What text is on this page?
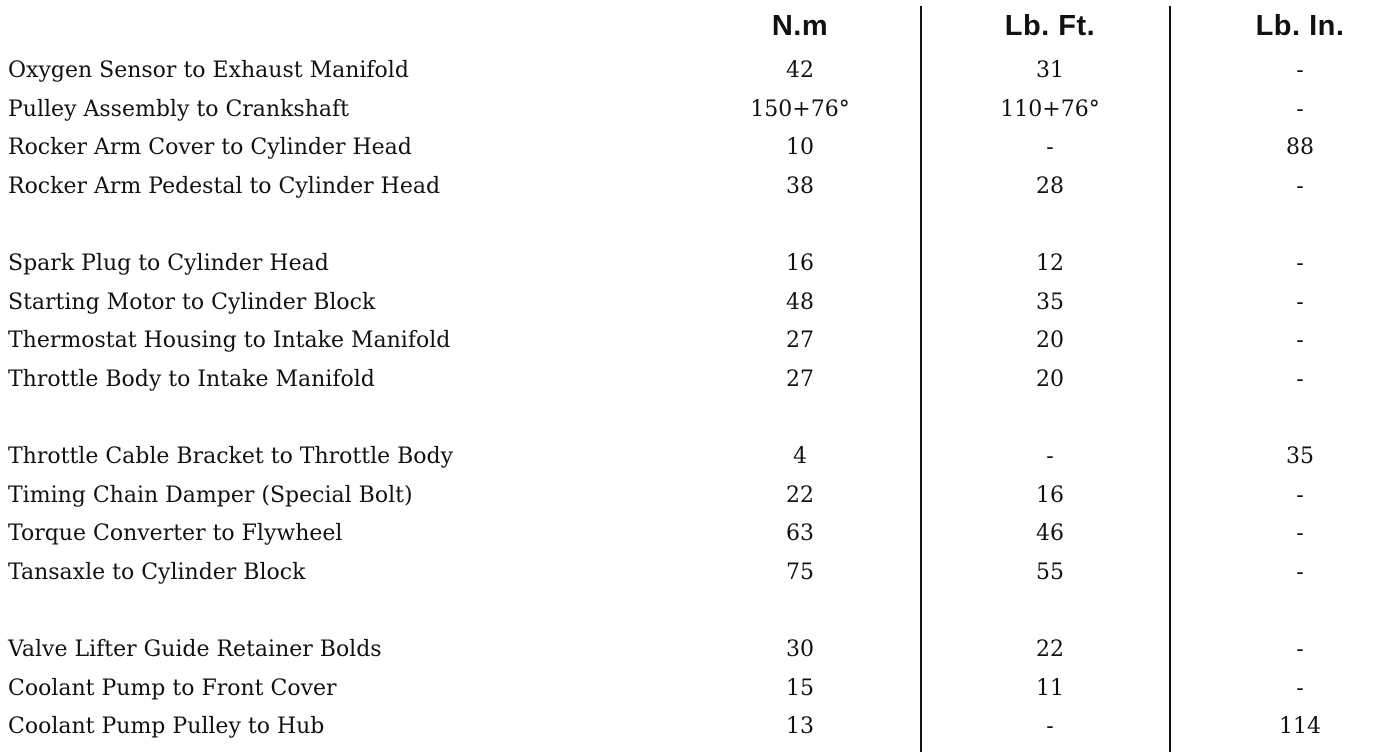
N.m	Lb. Ft.	Lb. In.
Oxygen Sensor to Exhaust Manifold	42	31	-
Pulley Assembly to Crankshaft	150+76°	110+76°	-
Rocker Arm Cover to Cylinder Head	10	-	88
Rocker Arm Pedestal to Cylinder Head	38	28	-
Spark Plug to Cylinder Head	16	12	-
Starting Motor to Cylinder Block	48	35	-
Thermostat Housing to Intake Manifold	27	20	-
Throttle Body to Intake Manifold	27	20	-
Throttle Cable Bracket to Throttle Body	4	-	35
Timing Chain Damper (Special Bolt)	22	16	-
Torque Converter to Flywheel	63	46	-
Tansaxle to Cylinder Block	75	55	-
Valve Lifter Guide Retainer Bolds	30	22	-
Coolant Pump to Front Cover	15	11	-
Coolant Pump Pulley to Hub	13	-	114
